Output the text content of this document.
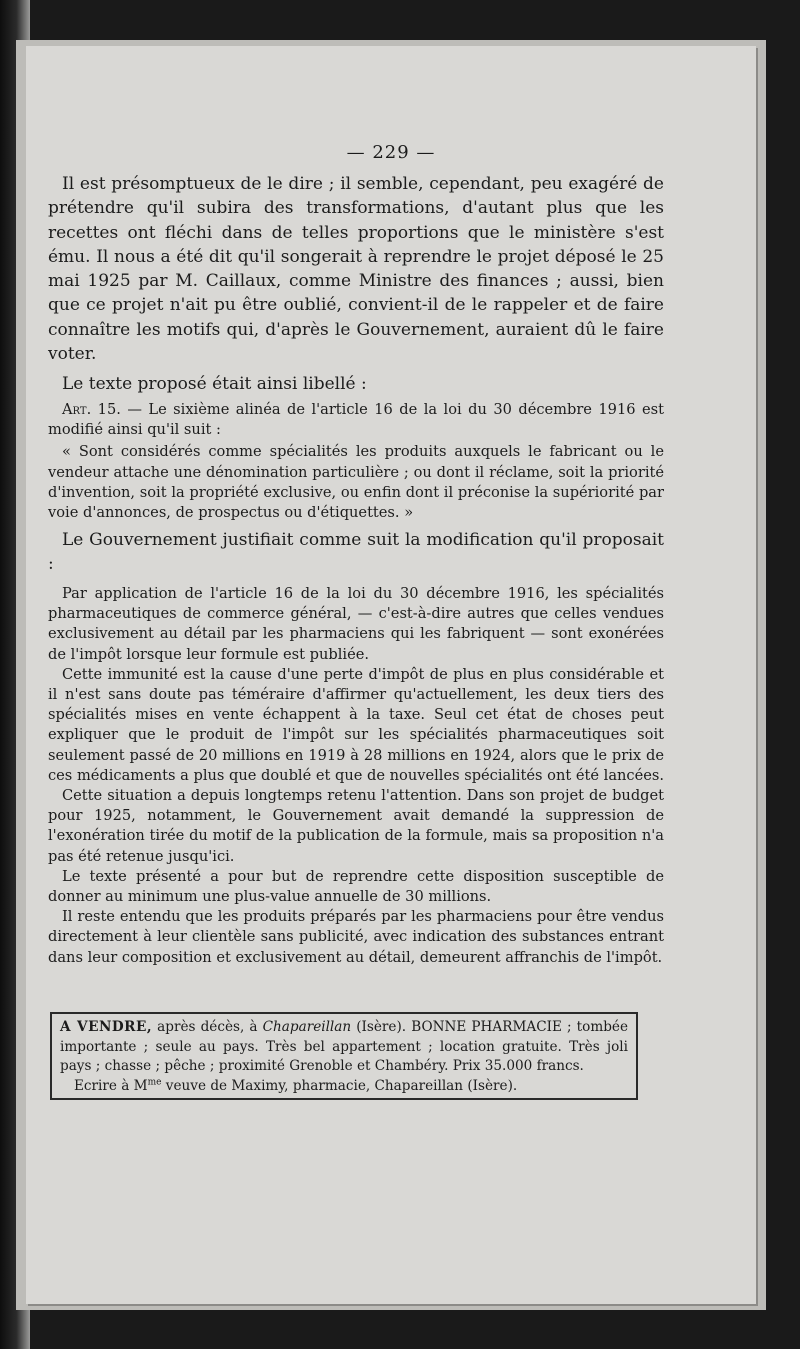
— 229 —

Il est présomptueux de le dire ; il semble, cependant, peu exagéré de prétendre qu'il subira des transformations, d'autant plus que les recettes ont fléchi dans de telles proportions que le ministère s'est ému. Il nous a été dit qu'il songerait à reprendre le projet déposé le 25 mai 1925 par M. Caillaux, comme Ministre des finances ; aussi, bien que ce projet n'ait pu être oublié, convient-il de le rappeler et de faire connaître les motifs qui, d'après le Gouvernement, auraient dû le faire voter.

Le texte proposé était ainsi libellé :

Art. 15. — Le sixième alinéa de l'article 16 de la loi du 30 décembre 1916 est modifié ainsi qu'il suit :

« Sont considérés comme spécialités les produits auxquels le fabricant ou le vendeur attache une dénomination particulière ; ou dont il réclame, soit la priorité d'invention, soit la propriété exclusive, ou enfin dont il préconise la supériorité par voie d'annonces, de prospectus ou d'étiquettes. »

Le Gouvernement justifiait comme suit la modification qu'il proposait :

Par application de l'article 16 de la loi du 30 décembre 1916, les spécialités pharmaceutiques de commerce général, — c'est-à-dire autres que celles vendues exclusivement au détail par les pharmaciens qui les fabriquent — sont exonérées de l'impôt lorsque leur formule est publiée.

Cette immunité est la cause d'une perte d'impôt de plus en plus considérable et il n'est sans doute pas téméraire d'affirmer qu'actuellement, les deux tiers des spécialités mises en vente échappent à la taxe. Seul cet état de choses peut expliquer que le produit de l'impôt sur les spécialités pharmaceutiques soit seulement passé de 20 millions en 1919 à 28 millions en 1924, alors que le prix de ces médicaments a plus que doublé et que de nouvelles spécialités ont été lancées.

Cette situation a depuis longtemps retenu l'attention. Dans son projet de budget pour 1925, notamment, le Gouvernement avait demandé la suppression de l'exonération tirée du motif de la publication de la formule, mais sa proposition n'a pas été retenue jusqu'ici.

Le texte présenté a pour but de reprendre cette disposition susceptible de donner au minimum une plus-value annuelle de 30 millions.

Il reste entendu que les produits préparés par les pharmaciens pour être vendus directement à leur clientèle sans publicité, avec indication des substances entrant dans leur composition et exclusivement au détail, demeurent affranchis de l'impôt.

A VENDRE, après décès, à Chapareillan (Isère). BONNE PHARMACIE ; tombée importante ; seule au pays. Très bel appartement ; location gratuite. Très joli pays ; chasse ; pêche ; proximité Grenoble et Chambéry. Prix 35.000 francs.
Ecrire à $M^{me}$ veuve de Maximy, pharmacie, Chapareillan (Isère).
